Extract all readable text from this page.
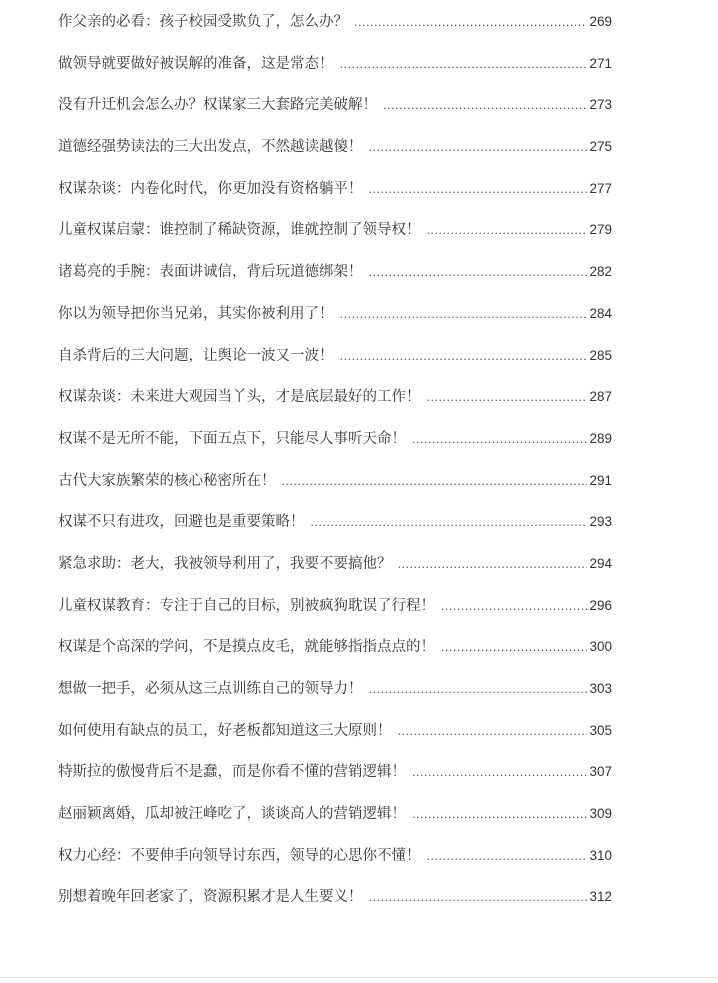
作父亲的必看：孩子校园受欺负了，怎么办？ .....	269
做领导就要做好被误解的准备，这是常态！ .....	271
没有升迁机会怎么办？权谋家三大套路完美破解！ .....	273
道德经强势读法的三大出发点，不然越读越傻！ .....	275
权谋杂谈：内卷化时代，你更加没有资格躺平！ .....	277
儿童权谋启蒙：谁控制了稀缺资源，谁就控制了领导权！ .....	279
诸葛亮的手腕：表面讲诚信，背后玩道德绑架！ .....	282
你以为领导把你当兄弟，其实你被利用了！ .....	284
自杀背后的三大问题，让舆论一波又一波！ .....	285
权谋杂谈：未来进大观园当丫头，才是底层最好的工作！ .....	287
权谋不是无所不能，下面五点下，只能尽人事听天命！ .....	289
古代大家族繁荣的核心秘密所在！ .....	291
权谋不只有进攻，回避也是重要策略！ .....	293
紧急求助：老大，我被领导利用了，我要不要搞他？ .....	294
儿童权谋教育：专注于自己的目标，别被疯狗耽误了行程！ .....	296
权谋是个高深的学问，不是摸点皮毛，就能够指指点点的！ .....	300
想做一把手，必须从这三点训练自己的领导力！ .....	303
如何使用有缺点的员工，好老板都知道这三大原则！ .....	305
特斯拉的傲慢背后不是蠢，而是你看不懂的营销逻辑！ .....	307
赵丽颖离婚，瓜却被汪峰吃了，谈谈高人的营销逻辑！ .....	309
权力心经：不要伸手向领导讨东西，领导的心思你不懂！ .....	310
别想着晚年回老家了，资源积累才是人生要义！ .....	312
